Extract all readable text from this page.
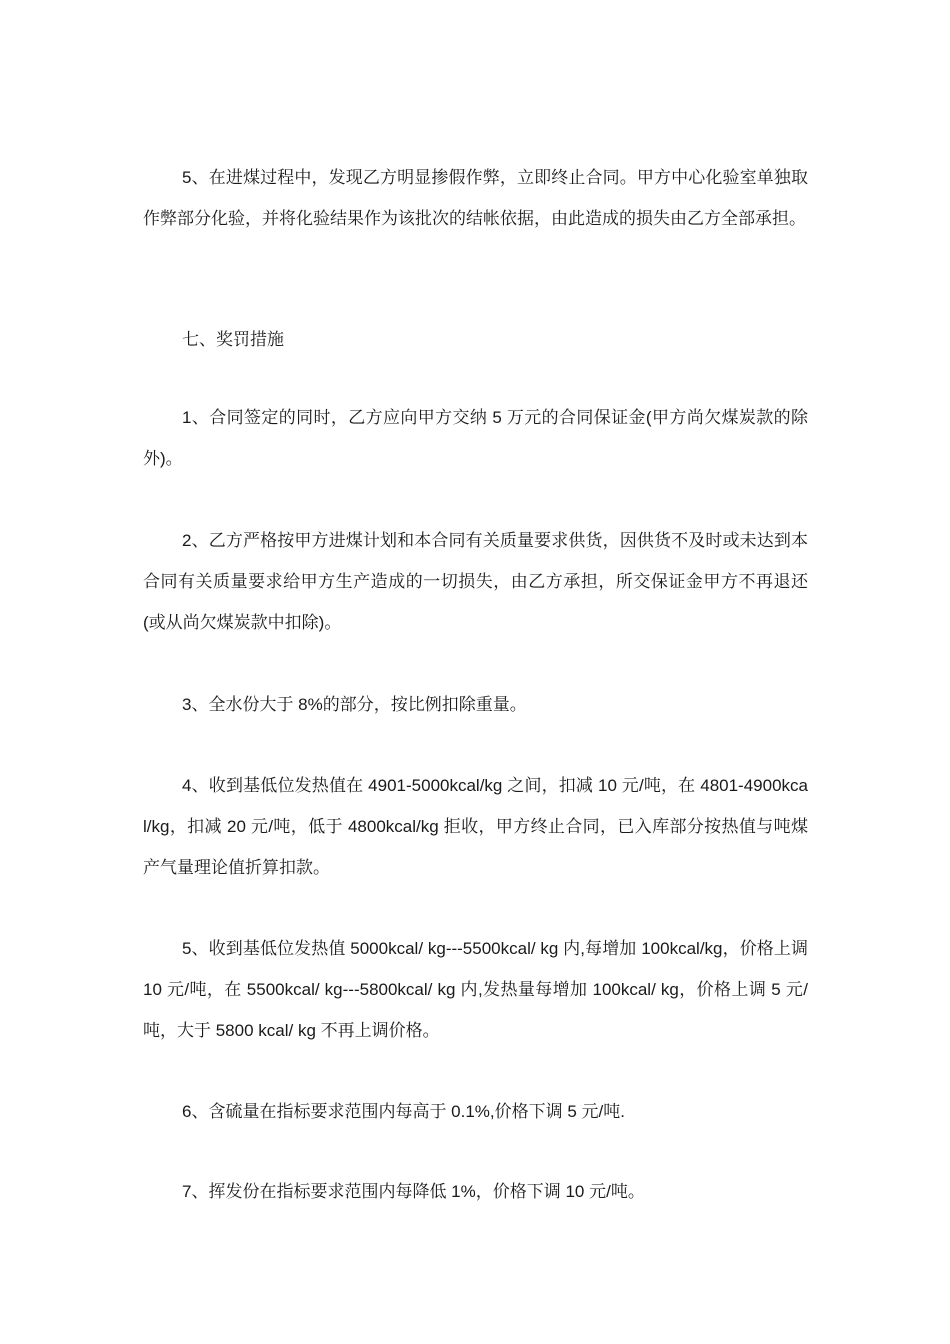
5、在进煤过程中，发现乙方明显掺假作弊，立即终止合同。甲方中心化验室单独取作弊部分化验，并将化验结果作为该批次的结帐依据，由此造成的损失由乙方全部承担。

七、奖罚措施

1、合同签定的同时，乙方应向甲方交纳 5 万元的合同保证金(甲方尚欠煤炭款的除外)。

2、乙方严格按甲方进煤计划和本合同有关质量要求供货，因供货不及时或未达到本合同有关质量要求给甲方生产造成的一切损失，由乙方承担，所交保证金甲方不再退还(或从尚欠煤炭款中扣除)。

3、全水份大于 8%的部分，按比例扣除重量。

4、收到基低位发热值在 4901-5000kcal/kg 之间，扣减 10 元/吨，在 4801-4900kcal/kg，扣减 20 元/吨，低于 4800kcal/kg 拒收，甲方终止合同，已入库部分按热值与吨煤产气量理论值折算扣款。

5、收到基低位发热值 5000kcal/ kg---5500kcal/ kg 内,每增加 100kcal/kg，价格上调 10 元/吨，在 5500kcal/ kg---5800kcal/ kg 内,发热量每增加 100kcal/ kg，价格上调 5 元/吨，大于 5800 kcal/ kg 不再上调价格。

6、含硫量在指标要求范围内每高于 0.1%,价格下调 5 元/吨.

7、挥发份在指标要求范围内每降低 1%，价格下调 10 元/吨。
